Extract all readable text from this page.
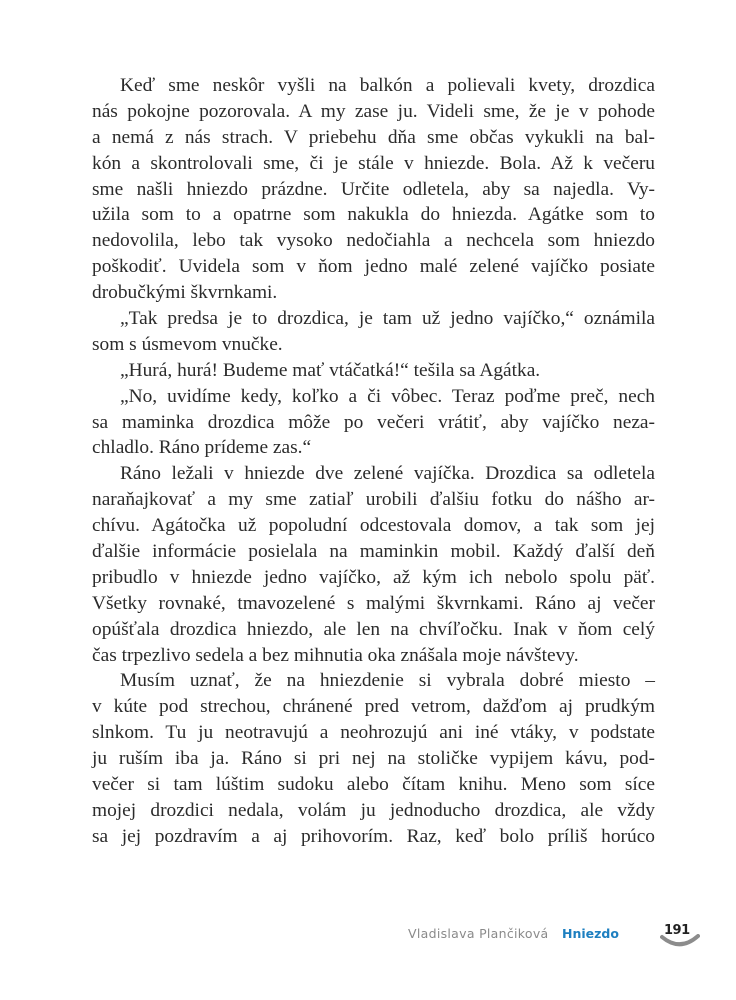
Keď sme neskôr vyšli na balkón a polievali kvety, drozdica
nás pokojne pozorovala. A my zase ju. Videli sme, že je v pohode
a nemá z nás strach. V priebehu dňa sme občas vykukli na bal-
kón a skontrolovali sme, či je stále v hniezde. Bola. Až k večeru
sme našli hniezdo prázdne. Určite odletela, aby sa najedla. Vy-
užila som to a opatrne som nakukla do hniezda. Agátke som to
nedovolila, lebo tak vysoko nedočiahla a nechcela som hniezdo
poškodiť. Uvidela som v ňom jedno malé zelené vajíčko posiate
drobučkými škvrnkami.
„Tak predsa je to drozdica, je tam už jedno vajíčko,“ oznámila
som s úsmevom vnučke.
„Hurá, hurá! Budeme mať vtáčatká!“ tešila sa Agátka.
„No, uvidíme kedy, koľko a či vôbec. Teraz poďme preč, nech
sa maminka drozdica môže po večeri vrátiť, aby vajíčko neza-
chladlo. Ráno prídeme zas.“
Ráno ležali v hniezde dve zelené vajíčka. Drozdica sa odletela
naraňajkovať a my sme zatiaľ urobili ďalšiu fotku do nášho ar-
chívu. Agátočka už popoludní odcestovala domov, a tak som jej
ďalšie informácie posielala na maminkin mobil. Každý ďalší deň
pribudlo v hniezde jedno vajíčko, až kým ich nebolo spolu päť.
Všetky rovnaké, tmavozelené s malými škvrnkami. Ráno aj večer
opúšťala drozdica hniezdo, ale len na chvíľočku. Inak v ňom celý
čas trpezlivo sedela a bez mihnutia oka znášala moje návštevy.
Musím uznať, že na hniezdenie si vybrala dobré miesto –
v kúte pod strechou, chránené pred vetrom, dažďom aj prudkým
slnkom. Tu ju neotravujú a neohrozujú ani iné vtáky, v podstate
ju ruším iba ja. Ráno si pri nej na stoličke vypijem kávu, pod-
večer si tam lúštim sudoku alebo čítam knihu. Meno som síce
mojej drozdici nedala, volám ju jednoducho drozdica, ale vždy
sa jej pozdravím a aj prihovorím. Raz, keď bolo príliš horúco
Vladislava Plančiková Hniezdo	191
